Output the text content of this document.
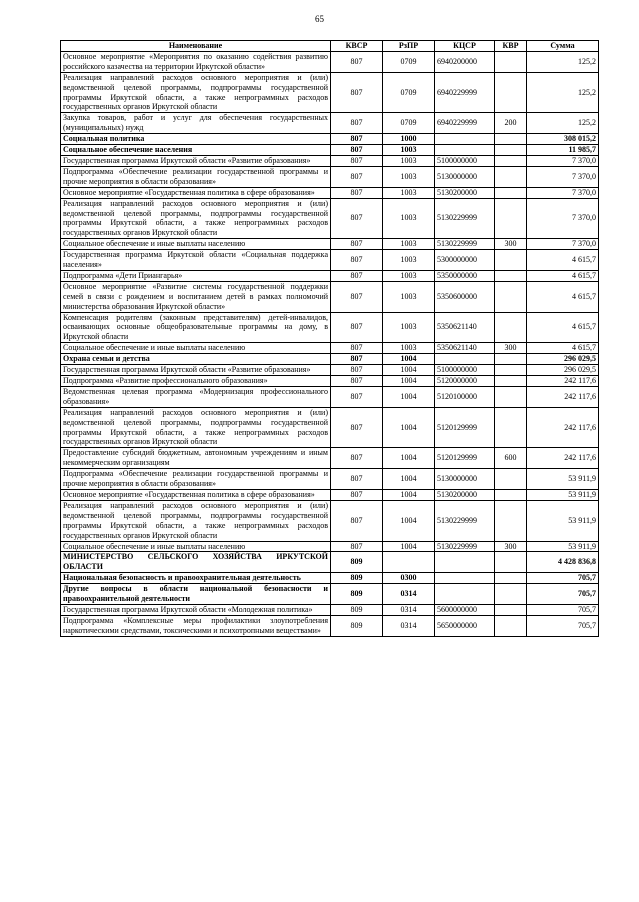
65
Наименование	КВСР	РзПР	КЦСР	КВР	Сумма
Основное мероприятие «Мероприятия по оказанию содействия развитию российского казачества на территории Иркутской области»	807	0709	6940200000		125,2
Реализация направлений расходов основного мероприятия и (или) ведомственной целевой программы, подпрограммы государственной программы Иркутской области, а также непрограммных расходов государственных органов Иркутской области	807	0709	6940229999		125,2
Закупка товаров, работ и услуг для обеспечения государственных (муниципальных) нужд	807	0709	6940229999	200	125,2
Социальная политика	807	1000			308 015,2
Социальное обеспечение населения	807	1003			11 985,7
Государственная программа Иркутской области «Развитие образования»	807	1003	5100000000		7 370,0
Подпрограмма «Обеспечение реализации государственной программы и прочие мероприятия в области образования»	807	1003	5130000000		7 370,0
Основное мероприятие «Государственная политика в сфере образования»	807	1003	5130200000		7 370,0
Реализация направлений расходов основного мероприятия и (или) ведомственной целевой программы, подпрограммы государственной программы Иркутской области, а также непрограммных расходов государственных органов Иркутской области	807	1003	5130229999		7 370,0
Социальное обеспечение и иные выплаты населению	807	1003	5130229999	300	7 370,0
Государственная программа Иркутской области «Социальная поддержка населения»	807	1003	5300000000		4 615,7
Подпрограмма «Дети Приангарья»	807	1003	5350000000		4 615,7
Основное мероприятие «Развитие системы государственной поддержки семей в связи с рождением и воспитанием детей в рамках полномочий министерства образования Иркутской области»	807	1003	5350600000		4 615,7
Компенсация родителям (законным представителям) детей-инвалидов, осваивающих основные общеобразовательные программы на дому, в Иркутской области	807	1003	5350621140		4 615,7
Социальное обеспечение и иные выплаты населению	807	1003	5350621140	300	4 615,7
Охрана семьи и детства	807	1004			296 029,5
Государственная программа Иркутской области «Развитие образования»	807	1004	5100000000		296 029,5
Подпрограмма «Развитие профессионального образования»	807	1004	5120000000		242 117,6
Ведомственная целевая программа «Модернизация профессионального образования»	807	1004	5120100000		242 117,6
Реализация направлений расходов основного мероприятия и (или) ведомственной целевой программы, подпрограммы государственной программы Иркутской области, а также непрограммных расходов государственных органов Иркутской области	807	1004	5120129999		242 117,6
Предоставление субсидий бюджетным, автономным учреждениям и иным некоммерческим организациям	807	1004	5120129999	600	242 117,6
Подпрограмма «Обеспечение реализации государственной программы и прочие мероприятия в области образования»	807	1004	5130000000		53 911,9
Основное мероприятие «Государственная политика в сфере образования»	807	1004	5130200000		53 911,9
Реализация направлений расходов основного мероприятия и (или) ведомственной целевой программы, подпрограммы государственной программы Иркутской области, а также непрограммных расходов государственных органов Иркутской области	807	1004	5130229999		53 911,9
Социальное обеспечение и иные выплаты населению	807	1004	5130229999	300	53 911,9
МИНИСТЕРСТВО СЕЛЬСКОГО ХОЗЯЙСТВА ИРКУТСКОЙ ОБЛАСТИ	809				4 428 836,8
Национальная безопасность и правоохранительная деятельность	809	0300			705,7
Другие вопросы в области национальной безопасности и правоохранительной деятельности	809	0314			705,7
Государственная программа Иркутской области «Молодежная политика»	809	0314	5600000000		705,7
Подпрограмма «Комплексные меры профилактики злоупотребления наркотическими средствами, токсическими и психотропными веществами»	809	0314	5650000000		705,7
